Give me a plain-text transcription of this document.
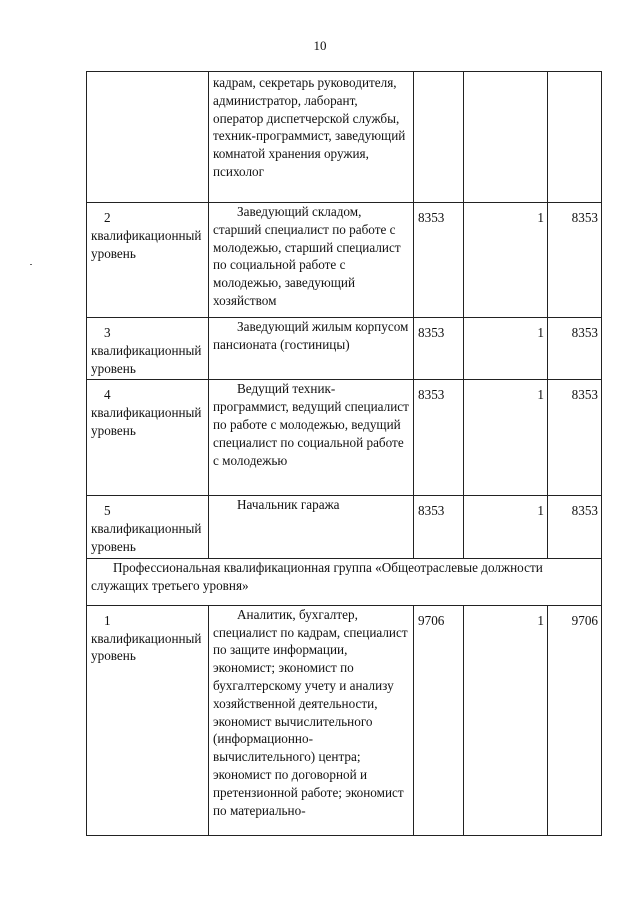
10
	кадрам, секретарь руководителя, администратор, лаборант, оператор диспетчерской службы, техник-программист, заведующий комнатой хранения оружия, психолог			

2
квалификационный уровень	Заведующий складом, старший специалист по работе с молодежью, старший специалист по социальной работе с молодежью, заведующий хозяйством	8353	1	8353

3
квалификационный уровень	Заведующий жилым корпусом пансионата (гостиницы)	8353	1	8353

4
квалификационный уровень	Ведущий техник-программист, ведущий специалист по работе с молодежью, ведущий специалист по социальной работе с молодежью	8353	1	8353

5
квалификационный уровень	Начальник гаража	8353	1	8353
Профессиональная квалификационная группа «Общеотраслевые должности служащих третьего уровня»				

1
квалификационный уровень	Аналитик, бухгалтер, специалист по кадрам, специалист по защите информации, экономист; экономист по бухгалтерскому учету и анализу хозяйственной деятельности, экономист вычислительного (информационно-вычислительного) центра; экономист по договорной и претензионной работе; экономист по материально-	9706	1	9706
